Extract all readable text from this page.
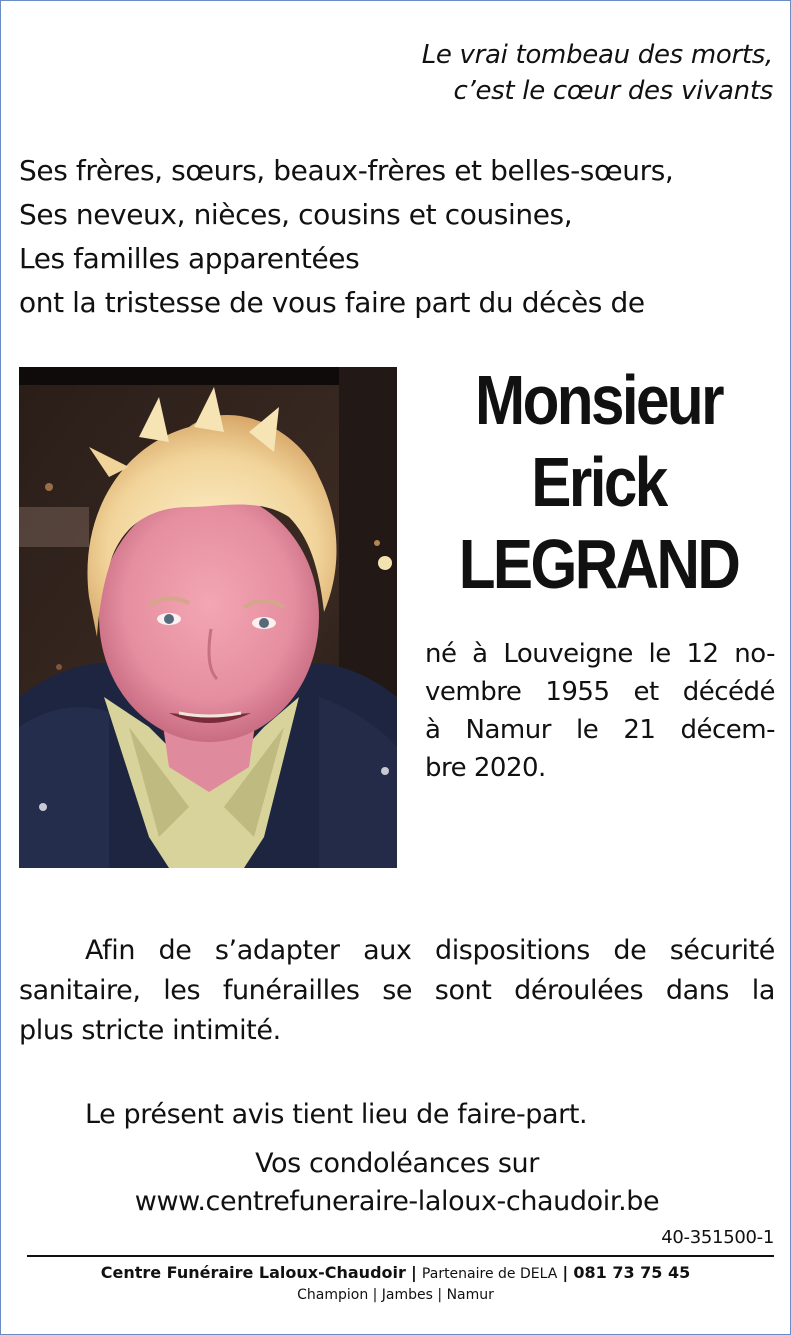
Le vrai tombeau des morts,
c’est le cœur des vivants
Ses frères, sœurs, beaux-frères et belles-sœurs,
Ses neveux, nièces, cousins et cousines,
Les familles apparentées
ont la tristesse de vous faire part du décès de
Monsieur
Erick
LEGRAND
né à Louveigne le 12 no-
vembre 1955 et décédé
à Namur le 21 décem-
bre 2020.
Afin de s’adapter aux dispositions de sécurité
sanitaire, les funérailles se sont déroulées dans la
plus stricte intimité.
Le présent avis tient lieu de faire-part.
Vos condoléances sur
www.centrefuneraire-laloux-chaudoir.be
40-351500-1
Centre Funéraire Laloux-Chaudoir | Partenaire de DELA | 081 73 75 45
Champion | Jambes | Namur
